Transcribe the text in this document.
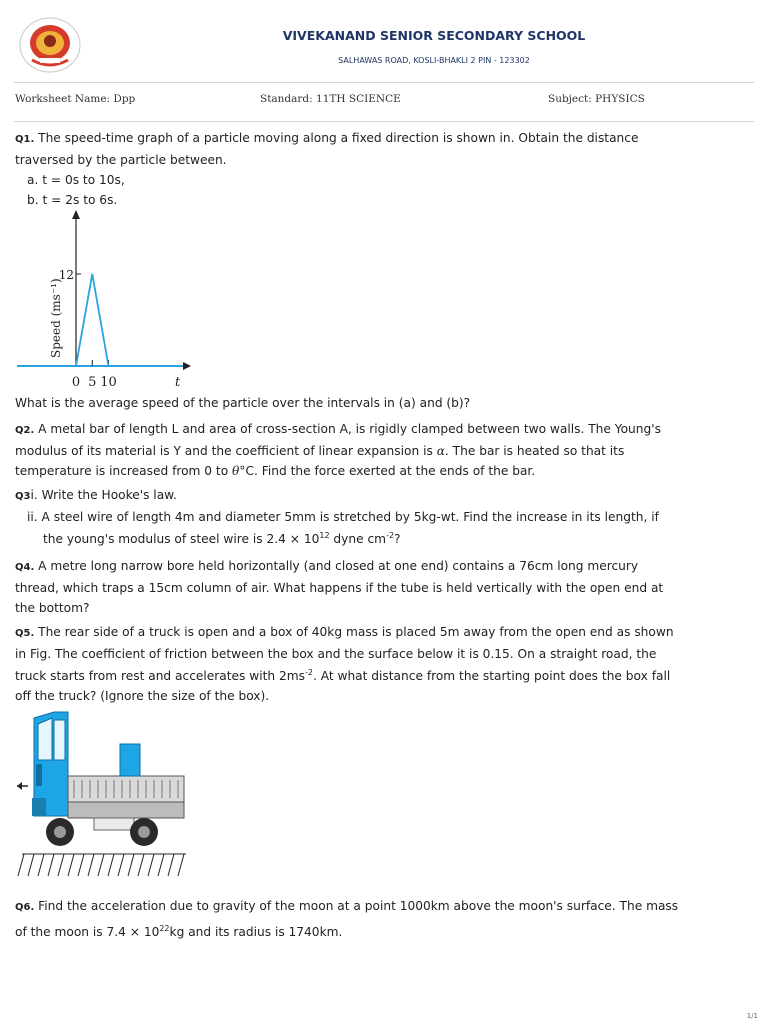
VIVEKANAND SENIOR SECONDARY SCHOOL
SALHAWAS ROAD, KOSLI-BHAKLI 2 PIN - 123302
Worksheet Name: Dpp	Standard: 11TH SCIENCE	Subject: PHYSICS
Q1. The speed-time graph of a particle moving along a fixed direction is shown in. Obtain the distance
traversed by the particle between.
a. t = 0s to 10s,
b. t = 2s to 6s.
12
0 5 10
Speed (ms⁻¹)
t
What is the average speed of the particle over the intervals in (a) and (b)?
Q2. A metal bar of length L and area of cross-section A, is rigidly clamped between two walls. The Young's
modulus of its material is Y and the coefficient of linear expansion is α. The bar is heated so that its
temperature is increased from 0 to θ°C. Find the force exerted at the ends of the bar.
Q3i. Write the Hooke's law.
ii. A steel wire of length 4m and diameter 5mm is stretched by 5kg-wt. Find the increase in its length, if
the young's modulus of steel wire is $2.4 \times 10^{12}$ dyne $cm^{-2}$?
Q4. A metre long narrow bore held horizontally (and closed at one end) contains a 76cm long mercury
thread, which traps a 15cm column of air. What happens if the tube is held vertically with the open end at
the bottom?
Q5. The rear side of a truck is open and a box of 40kg mass is placed 5m away from the open end as shown
in Fig. The coefficient of friction between the box and the surface below it is 0.15. On a straight road, the
truck starts from rest and accelerates with $2ms^{-2}$. At what distance from the starting point does the box fall
off the truck? (Ignore the size of the box).
Q6. Find the acceleration due to gravity of the moon at a point 1000km above the moon's surface. The mass
of the moon is $7.4 \times 10^{22}kg$ and its radius is 1740km.
1/1
